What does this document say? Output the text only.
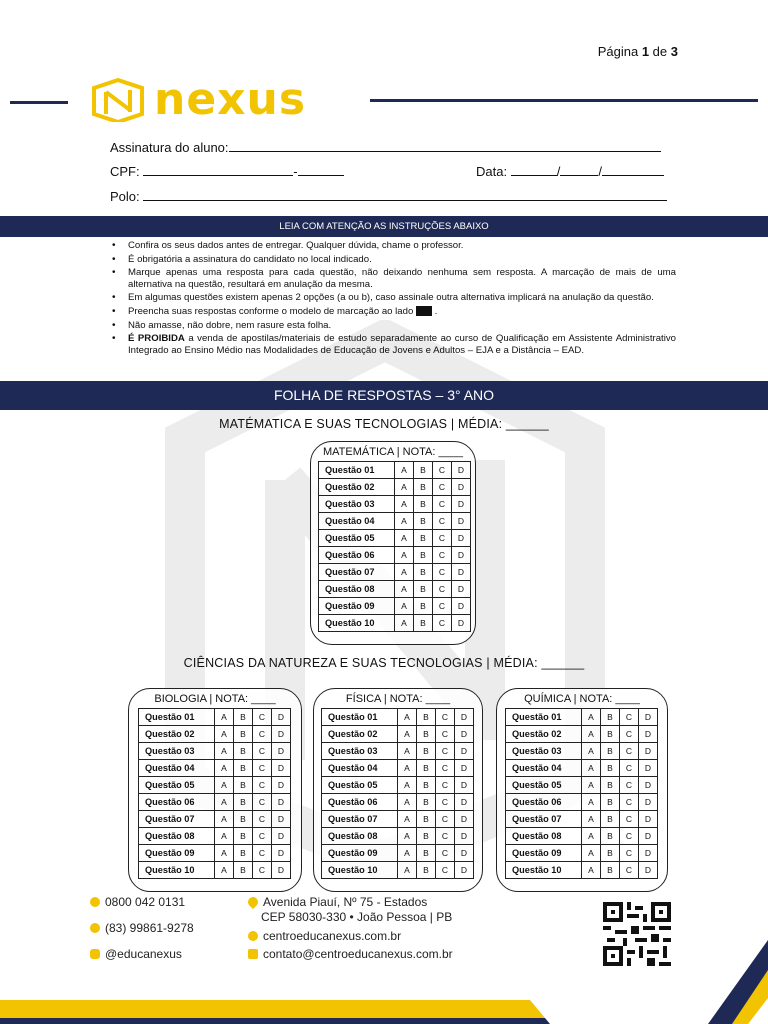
Página 1 de 3
nexus
Assinatura do aluno:
CPF:	-	Data:	/	/
Polo:
LEIA COM ATENÇÃO AS INSTRUÇÕES ABAIXO
• Confira os seus dados antes de entregar. Qualquer dúvida, chame o professor.
• É obrigatória a assinatura do candidato no local indicado.
• Marque apenas uma resposta para cada questão, não deixando nenhuma sem resposta. A marcação de mais de uma alternativa na questão, resultará em anulação da mesma.
• Em algumas questões existem apenas 2 opções (a ou b), caso assinale outra alternativa implicará na anulação da questão.
• Preencha suas respostas conforme o modelo de marcação ao lado  .
• Não amasse, não dobre, nem rasure esta folha.
• É PROIBIDA a venda de apostilas/materiais de estudo separadamente ao curso de Qualificação em Assistente Administrativo Integrado ao Ensino Médio nas Modalidades de Educação de Jovens e Adultos – EJA e a Distância – EAD.
FOLHA DE RESPOSTAS – 3° ANO
MATÉMATICA E SUAS TECNOLOGIAS | MÉDIA: ______
MATEMÁTICA | NOTA: ____
Questão 01	A	B	C	D
Questão 02	A	B	C	D
Questão 03	A	B	C	D
Questão 04	A	B	C	D
Questão 05	A	B	C	D
Questão 06	A	B	C	D
Questão 07	A	B	C	D
Questão 08	A	B	C	D
Questão 09	A	B	C	D
Questão 10	A	B	C	D
CIÊNCIAS DA NATUREZA E SUAS TECNOLOGIAS | MÉDIA: ______
BIOLOGIA | NOTA: ____
Questão 01	A	B	C	D
Questão 02	A	B	C	D
Questão 03	A	B	C	D
Questão 04	A	B	C	D
Questão 05	A	B	C	D
Questão 06	A	B	C	D
Questão 07	A	B	C	D
Questão 08	A	B	C	D
Questão 09	A	B	C	D
Questão 10	A	B	C	D
FÍSICA | NOTA: ____
Questão 01	A	B	C	D
Questão 02	A	B	C	D
Questão 03	A	B	C	D
Questão 04	A	B	C	D
Questão 05	A	B	C	D
Questão 06	A	B	C	D
Questão 07	A	B	C	D
Questão 08	A	B	C	D
Questão 09	A	B	C	D
Questão 10	A	B	C	D
QUÍMICA | NOTA: ____
Questão 01	A	B	C	D
Questão 02	A	B	C	D
Questão 03	A	B	C	D
Questão 04	A	B	C	D
Questão 05	A	B	C	D
Questão 06	A	B	C	D
Questão 07	A	B	C	D
Questão 08	A	B	C	D
Questão 09	A	B	C	D
Questão 10	A	B	C	D
0800 042 0131
(83) 99861-9278
@educanexus
Avenida Piauí, Nº 75 - Estados
CEP 58030-330 • João Pessoa | PB
centroeducanexus.com.br
contato@centroeducanexus.com.br
